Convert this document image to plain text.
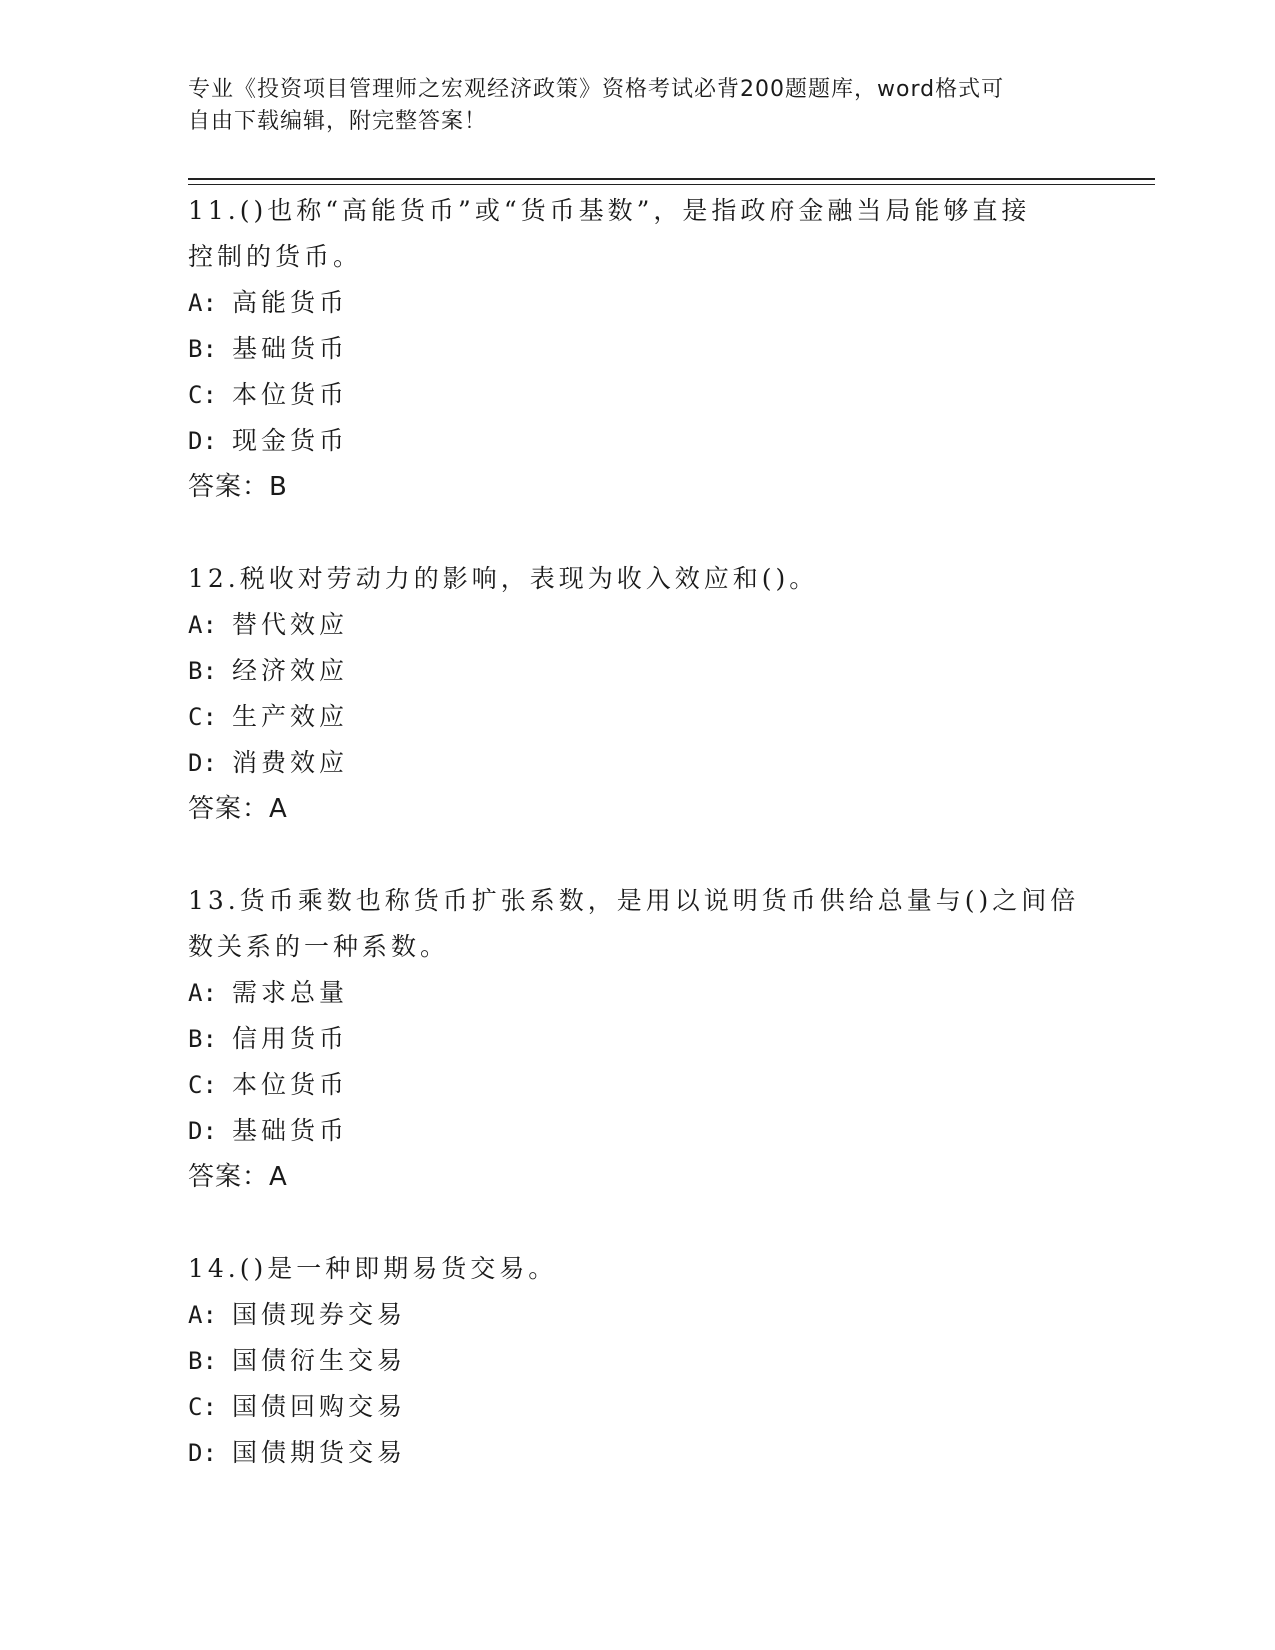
专业《投资项目管理师之宏观经济政策》资格考试必背200题题库，word格式可
自由下载编辑，附完整答案！

11.()也称“高能货币”或“货币基数”，是指政府金融当局能够直接

控制的货币。

A: 高能货币
B: 基础货币
C: 本位货币
D: 现金货币

答案：B

12.税收对劳动力的影响，表现为收入效应和()。

A: 替代效应
B: 经济效应
C: 生产效应
D: 消费效应

答案：A

13.货币乘数也称货币扩张系数，是用以说明货币供给总量与()之间倍

数关系的一种系数。

A: 需求总量
B: 信用货币
C: 本位货币
D: 基础货币

答案：A

14.()是一种即期易货交易。

A: 国债现券交易
B: 国债衍生交易
C: 国债回购交易
D: 国债期货交易
